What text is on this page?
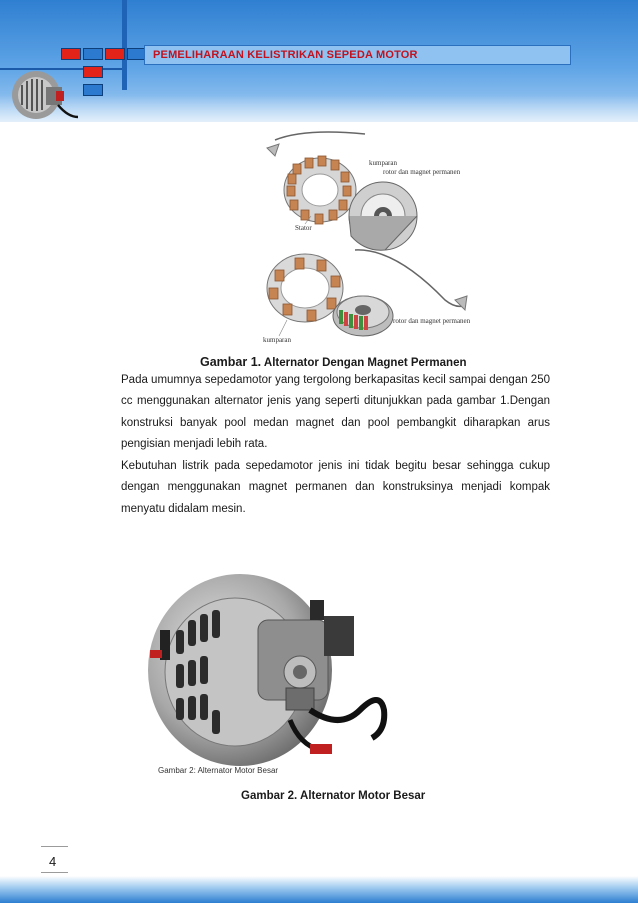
PEMELIHARAAN KELISTRIKAN SEPEDA MOTOR
kumparan
rotor dan magnet permanen
Stator
rotor dan magnet permanen
kumparan
Gambar 1. Alternator Dengan Magnet Permanen
Pada umumnya sepedamotor yang tergolong berkapasitas kecil sampai dengan 250 cc menggunakan alternator jenis yang seperti ditunjukkan pada gambar 1.Dengan konstruksi banyak pool medan magnet dan pool pembangkit diharapkan arus pengisian menjadi lebih rata.
Kebutuhan listrik pada sepedamotor jenis ini tidak begitu besar sehingga cukup dengan menggunakan magnet permanen dan konstruksinya menjadi kompak menyatu didalam mesin.
Gambar 2: Alternator Motor Besar
Gambar 2. Alternator Motor Besar
4
